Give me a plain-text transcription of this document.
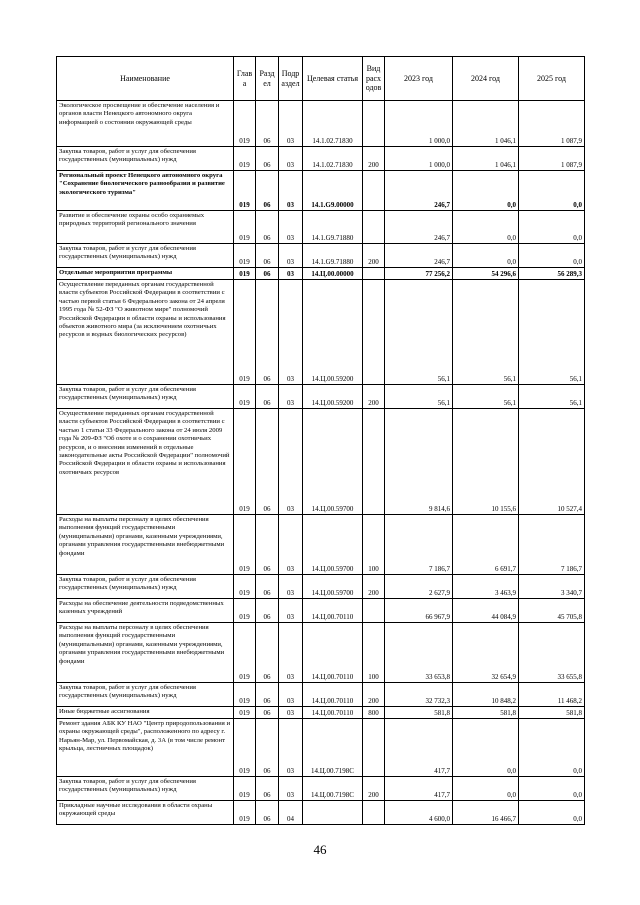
Наименование	Глав а	Разд ел	Подр аздел	Целевая статья	Вид расх одов	2023 год	2024 год	2025 год
Экологическое просвещение и обеспечение населения и органов власти Ненецкого автономного округа информацией о состоянии окружающей среды	019	06	03	14.1.02.71830		1 000,0	1 046,1	1 087,9
Закупка товаров, работ и услуг для обеспечения государственных (муниципальных) нужд	019	06	03	14.1.02.71830	200	1 000,0	1 046,1	1 087,9
Региональный проект Ненецкого автономного округа "Сохранение биологического разнообразия и развитие экологического туризма"	019	06	03	14.1.G9.00000		246,7	0,0	0,0
Развитие и обеспечение охраны особо охраняемых природных территорий регионального значения	019	06	03	14.1.G9.71880		246,7	0,0	0,0
Закупка товаров, работ и услуг для обеспечения государственных (муниципальных) нужд	019	06	03	14.1.G9.71880	200	246,7	0,0	0,0
Отдельные мероприятия программы	019	06	03	14.Ц.00.00000		77 256,2	54 296,6	56 289,3
Осуществление переданных органам государственной власти субъектов Российской Федерации в соответствии с частью первой статьи 6 Федерального закона от 24 апреля 1995 года № 52-ФЗ "О животном мире" полномочий Российской Федерации в области охраны и использования объектов животного мира (за исключением охотничьих ресурсов и водных биологических ресурсов)	019	06	03	14.Ц.00.59200		56,1	56,1	56,1
Закупка товаров, работ и услуг для обеспечения государственных (муниципальных) нужд	019	06	03	14.Ц.00.59200	200	56,1	56,1	56,1
Осуществление переданных органам государственной власти субъектов Российской Федерации в соответствии с частью 1 статьи 33 Федерального закона от 24 июля 2009 года № 209-ФЗ "Об охоте и о сохранении охотничьих ресурсов, и о внесении изменений в отдельные законодательные акты Российской Федерации" полномочий Российской Федерации в области охраны и использования охотничьих ресурсов	019	06	03	14.Ц.00.59700		9 814,6	10 155,6	10 527,4
Расходы на выплаты персоналу в целях обеспечения выполнения функций государственными (муниципальными) органами, казенными учреждениями, органами управления государственными внебюджетными фондами	019	06	03	14.Ц.00.59700	100	7 186,7	6 691,7	7 186,7
Закупка товаров, работ и услуг для обеспечения государственных (муниципальных) нужд	019	06	03	14.Ц.00.59700	200	2 627,9	3 463,9	3 340,7
Расходы на обеспечение деятельности подведомственных казенных учреждений	019	06	03	14.Ц.00.70110		66 967,9	44 084,9	45 705,8
Расходы на выплаты персоналу в целях обеспечения выполнения функций государственными (муниципальными) органами, казенными учреждениями, органами управления государственными внебюджетными фондами	019	06	03	14.Ц.00.70110	100	33 653,8	32 654,9	33 655,8
Закупка товаров, работ и услуг для обеспечения государственных (муниципальных) нужд	019	06	03	14.Ц.00.70110	200	32 732,3	10 848,2	11 468,2
Иные бюджетные ассигнования	019	06	03	14.Ц.00.70110	800	581,8	581,8	581,8
Ремонт здания АБК КУ НАО "Центр природопользования и охраны окружающей среды", расположенного по адресу г. Нарьян-Мар, ул. Первомайская, д. 3А (в том числе ремонт крыльца, лестничных площадок)	019	06	03	14.Ц.00.7198С		417,7	0,0	0,0
Закупка товаров, работ и услуг для обеспечения государственных (муниципальных) нужд	019	06	03	14.Ц.00.7198С	200	417,7	0,0	0,0
Прикладные научные исследования в области охраны окружающей среды	019	06	04			4 600,0	16 466,7	0,0
46
